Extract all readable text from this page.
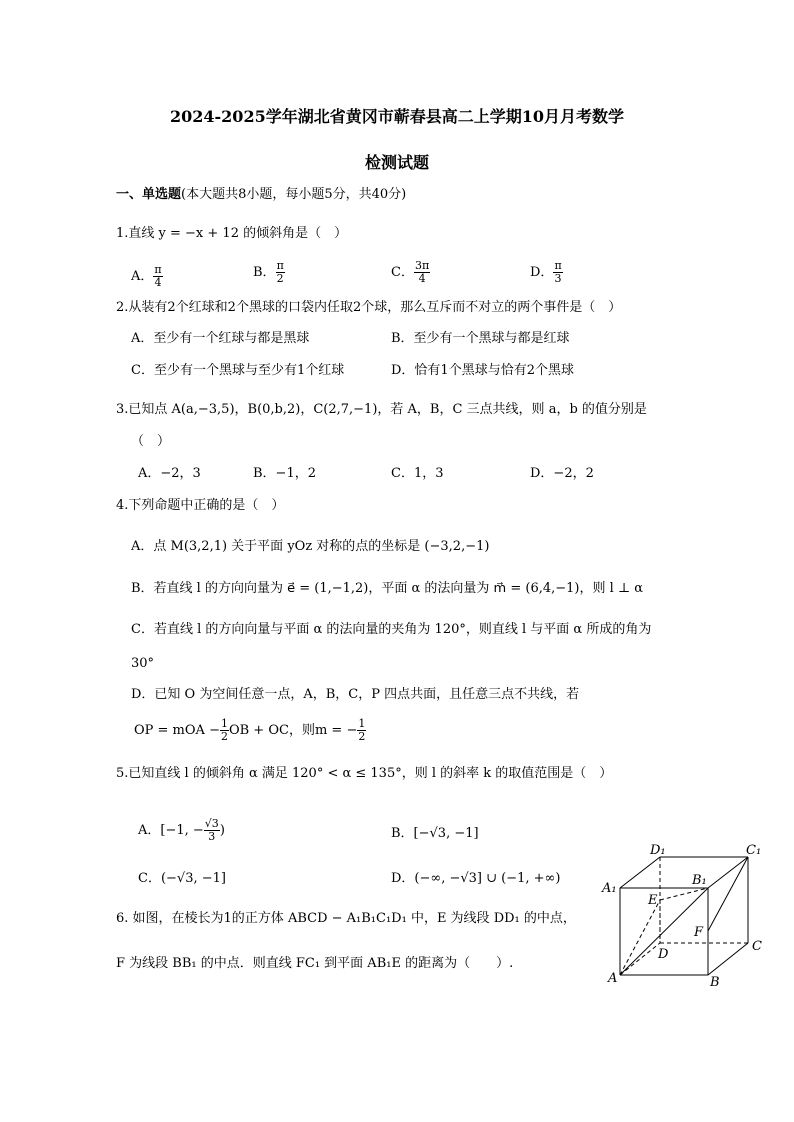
2024-2025学年湖北省黄冈市蕲春县高二上学期10月月考数学
检测试题
一、单选题(本大题共8小题，每小题5分，共40分)
1.直线 y = −x + 12 的倾斜角是（　）
A． $\frac{\pi}{4}$	B． $\frac{\pi}{2}$	C． $\frac{3\pi}{4}$	D． $\frac{\pi}{3}$
2.从装有2个红球和2个黑球的口袋内任取2个球，那么互斥而不对立的两个事件是（　）
A．至少有一个红球与都是黑球	B．至少有一个黑球与都是红球
C．至少有一个黑球与至少有1个红球	D．恰有1个黑球与恰有2个黑球
3.已知点 A(a,−3,5)，B(0,b,2)，C(2,7,−1)，若 A，B，C 三点共线，则 a，b 的值分别是
（　）
A．−2，3	B．−1，2	C．1，3	D．−2，2
4.下列命题中正确的是（　）
A．点 M(3,2,1) 关于平面 yOz 对称的点的坐标是 (−3,2,−1)
B．若直线 l 的方向向量为 e⃗ = (1,−1,2)，平面 α 的法向量为 m⃗ = (6,4,−1)，则 l ⊥ α
C．若直线 l 的方向向量与平面 α 的法向量的夹角为 120°，则直线 l 与平面 α 所成的角为
30°
D．已知 O 为空间任意一点，A，B，C，P 四点共面，且任意三点不共线，若
OP = mOA − $\frac{1}{2}$ OB + OC，则m = − $\frac{1}{2}$
5.已知直线 l 的倾斜角 α 满足 120° < α ≤ 135°，则 l 的斜率 k 的取值范围是（　）
A．[−1, − $\frac{√3}{3}$ )	B．[−√3, −1]
C．(−√3, −1]	D．(−∞, −√3] ∪ (−1, +∞)
6. 如图，在棱长为1的正方体 ABCD − A₁B₁C₁D₁ 中，E 为线段 DD₁ 的中点，
F 为线段 BB₁ 的中点．则直线 FC₁ 到平面 AB₁E 的距离为（　　）.
D₁	C₁
A₁
B₁
E
F
D
C
A	B
